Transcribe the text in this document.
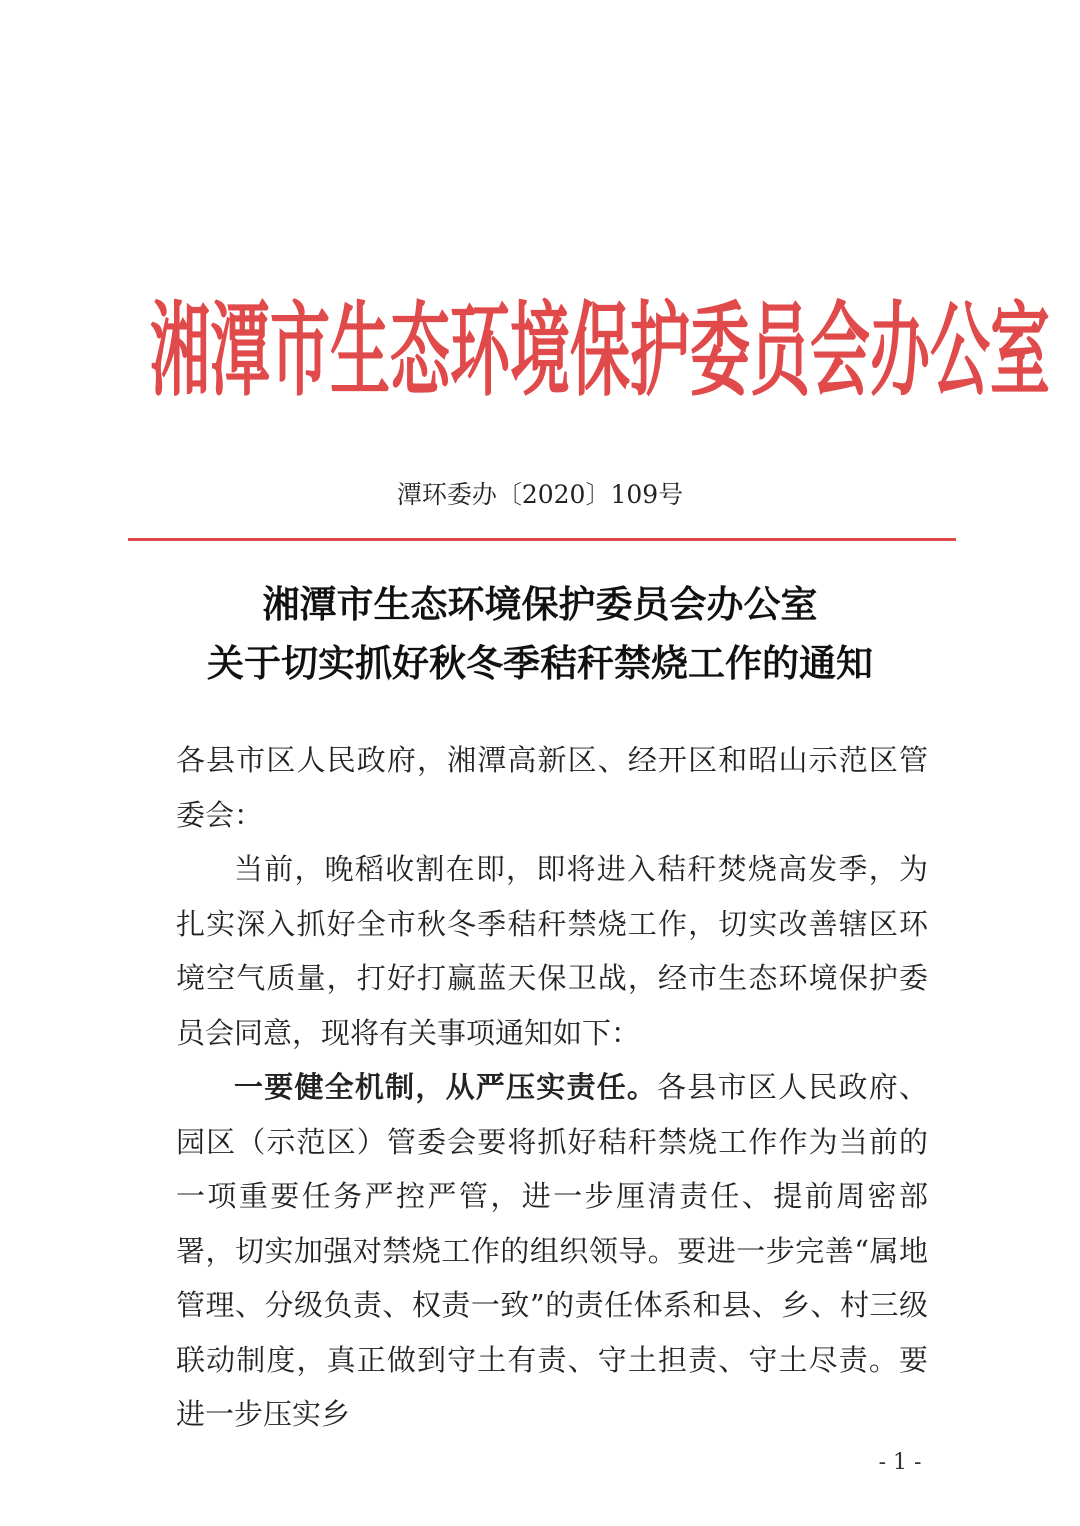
湘潭市生态环境保护委员会办公室
潭环委办〔2020〕109号
湘潭市生态环境保护委员会办公室
关于切实抓好秋冬季秸秆禁烧工作的通知

各县市区人民政府，湘潭高新区、经开区和昭山示范区管委会：

当前，晚稻收割在即，即将进入秸秆焚烧高发季，为扎实深入抓好全市秋冬季秸秆禁烧工作，切实改善辖区环境空气质量，打好打赢蓝天保卫战，经市生态环境保护委员会同意，现将有关事项通知如下：

一要健全机制，从严压实责任。各县市区人民政府、园区（示范区）管委会要将抓好秸秆禁烧工作作为当前的一项重要任务严控严管，进一步厘清责任、提前周密部署，切实加强对禁烧工作的组织领导。要进一步完善“属地管理、分级负责、权责一致”的责任体系和县、乡、村三级联动制度，真正做到守土有责、守土担责、守土尽责。要进一步压实乡

- 1 -
